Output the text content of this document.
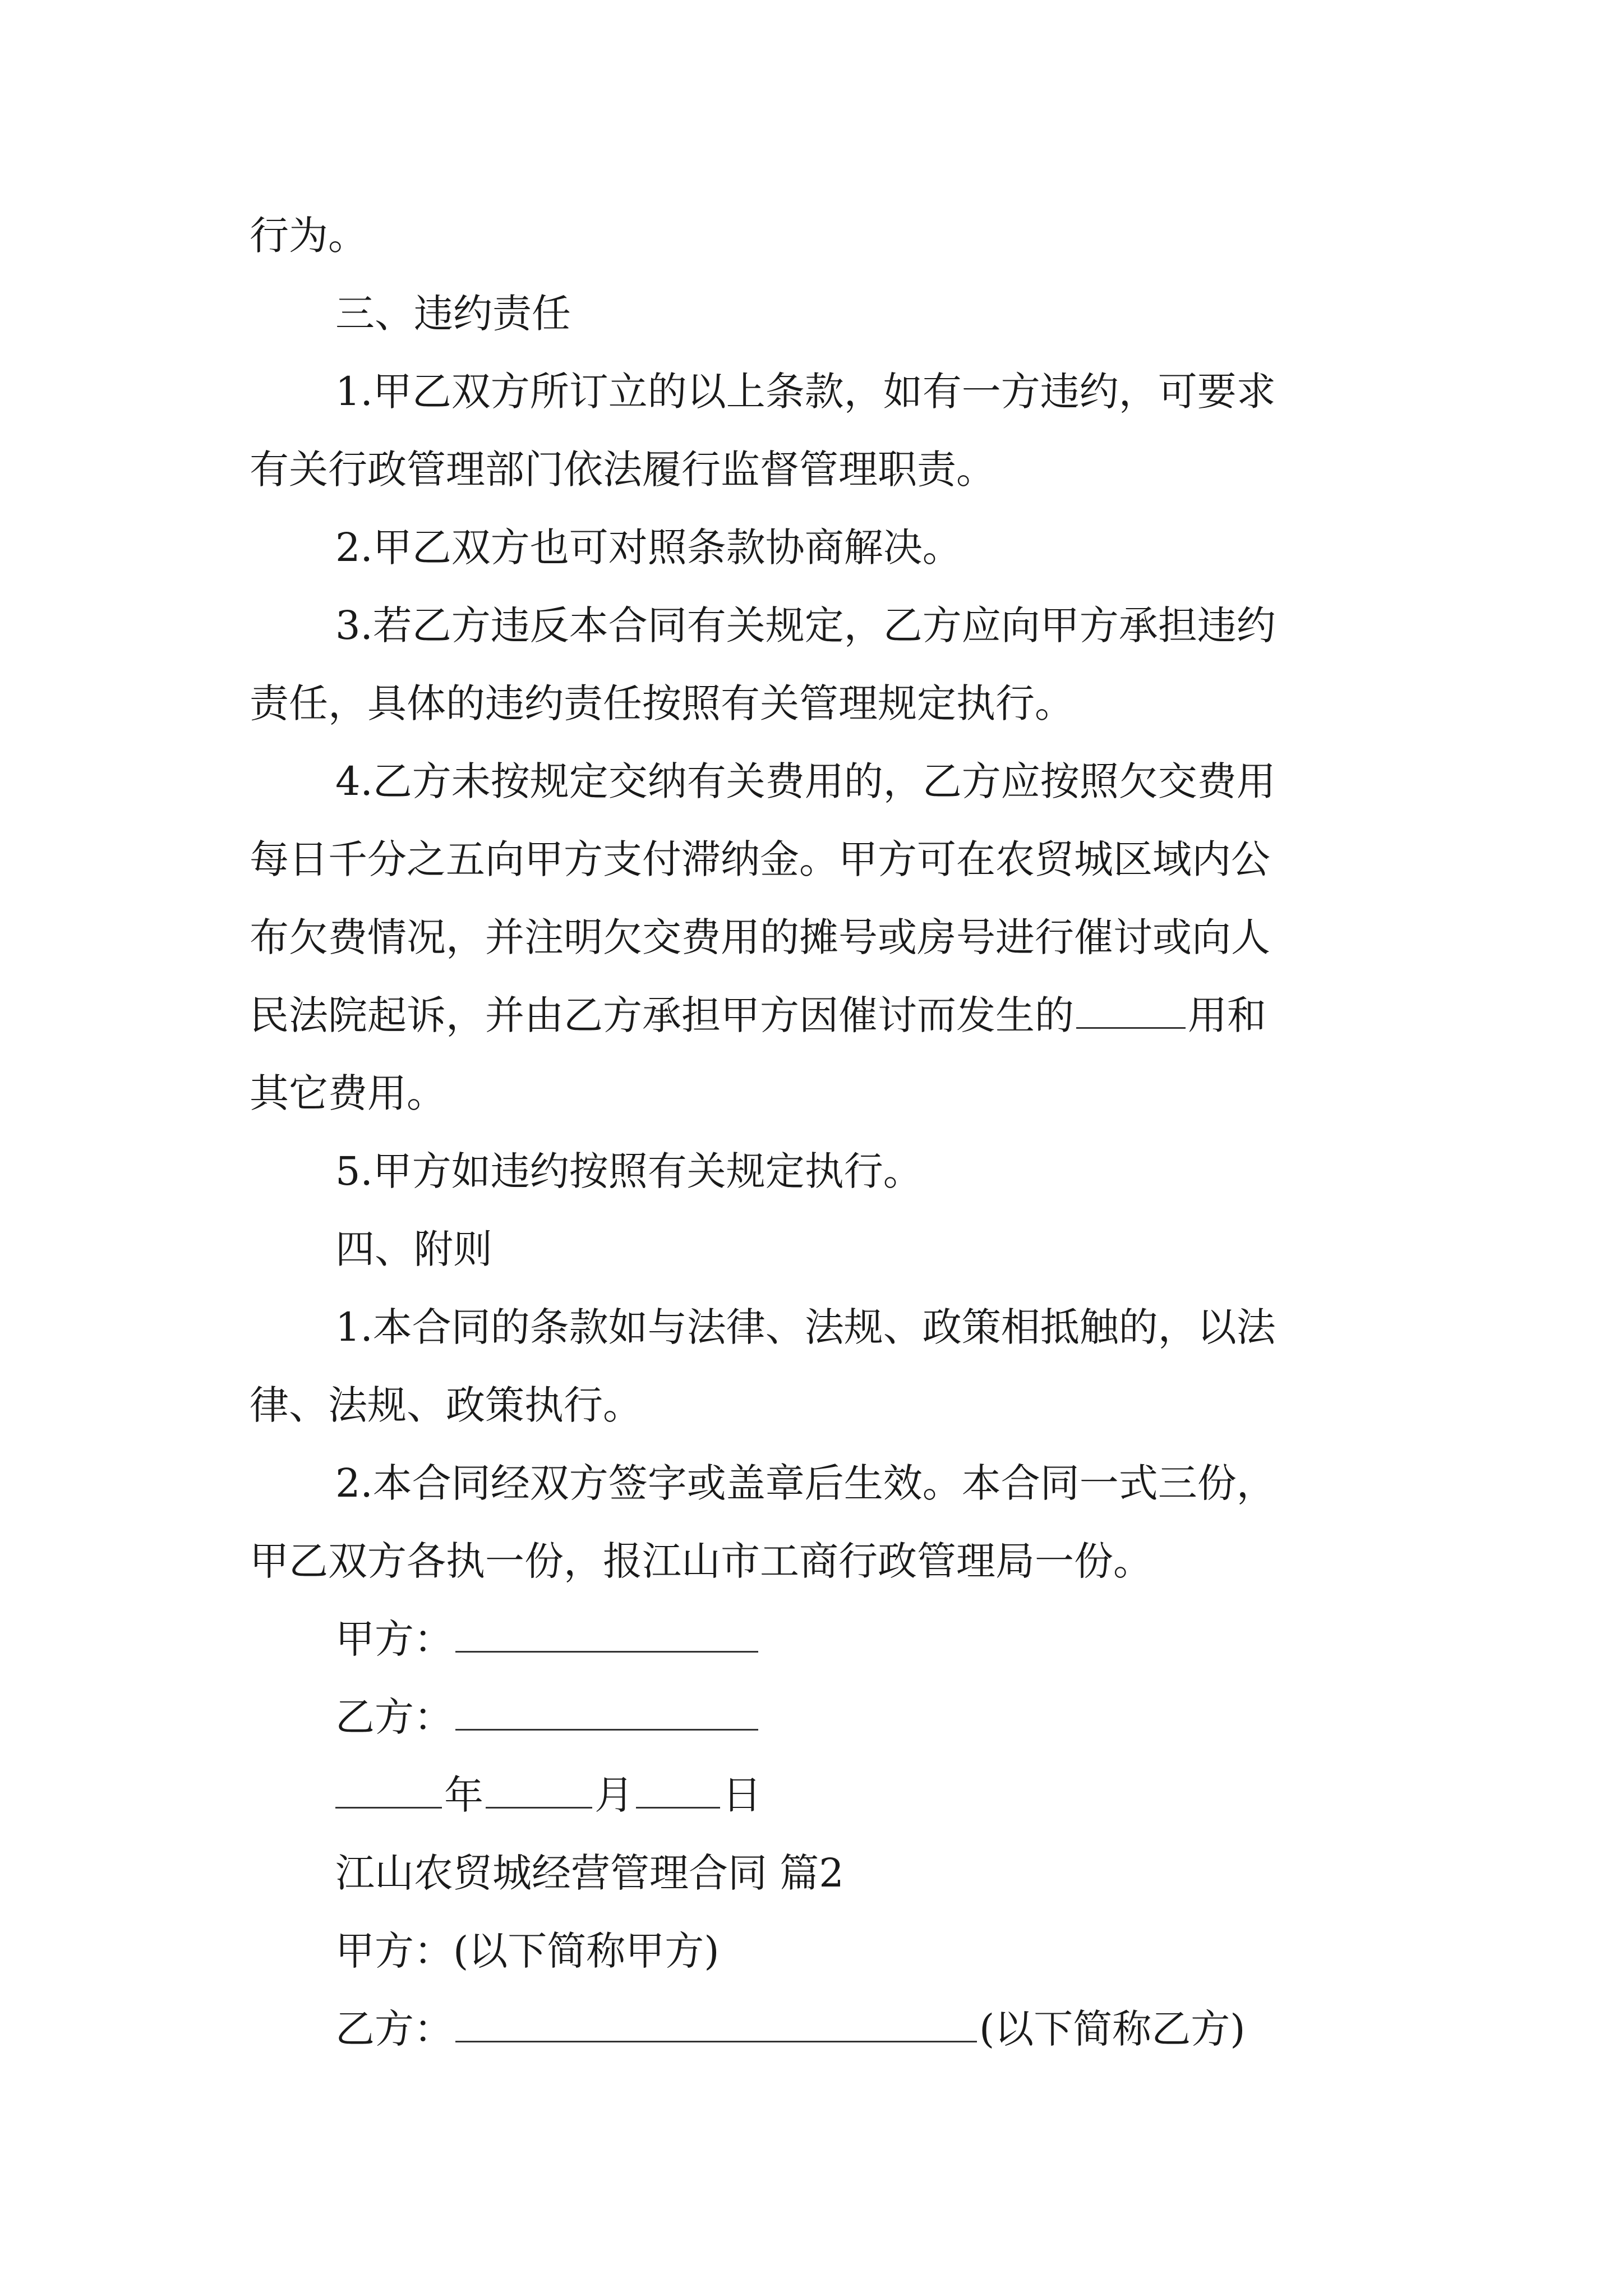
行为。
三、违约责任
1.甲乙双方所订立的以上条款，如有一方违约，可要求
有关行政管理部门依法履行监督管理职责。
2.甲乙双方也可对照条款协商解决。
3.若乙方违反本合同有关规定，乙方应向甲方承担违约
责任，具体的违约责任按照有关管理规定执行。
4.乙方未按规定交纳有关费用的，乙方应按照欠交费用
每日千分之五向甲方支付滞纳金。甲方可在农贸城区域内公
布欠费情况，并注明欠交费用的摊号或房号进行催讨或向人
民法院起诉，并由乙方承担甲方因催讨而发生的	用和
其它费用。
5.甲方如违约按照有关规定执行。
四、附则
1.本合同的条款如与法律、法规、政策相抵触的，以法
律、法规、政策执行。
2.本合同经双方签字或盖章后生效。本合同一式三份，
甲乙双方各执一份，报江山市工商行政管理局一份。
甲方：
乙方：
年	月 日
江山农贸城经营管理合同 篇2
甲方：(以下简称甲方)
乙方：	(以下简称乙方)
